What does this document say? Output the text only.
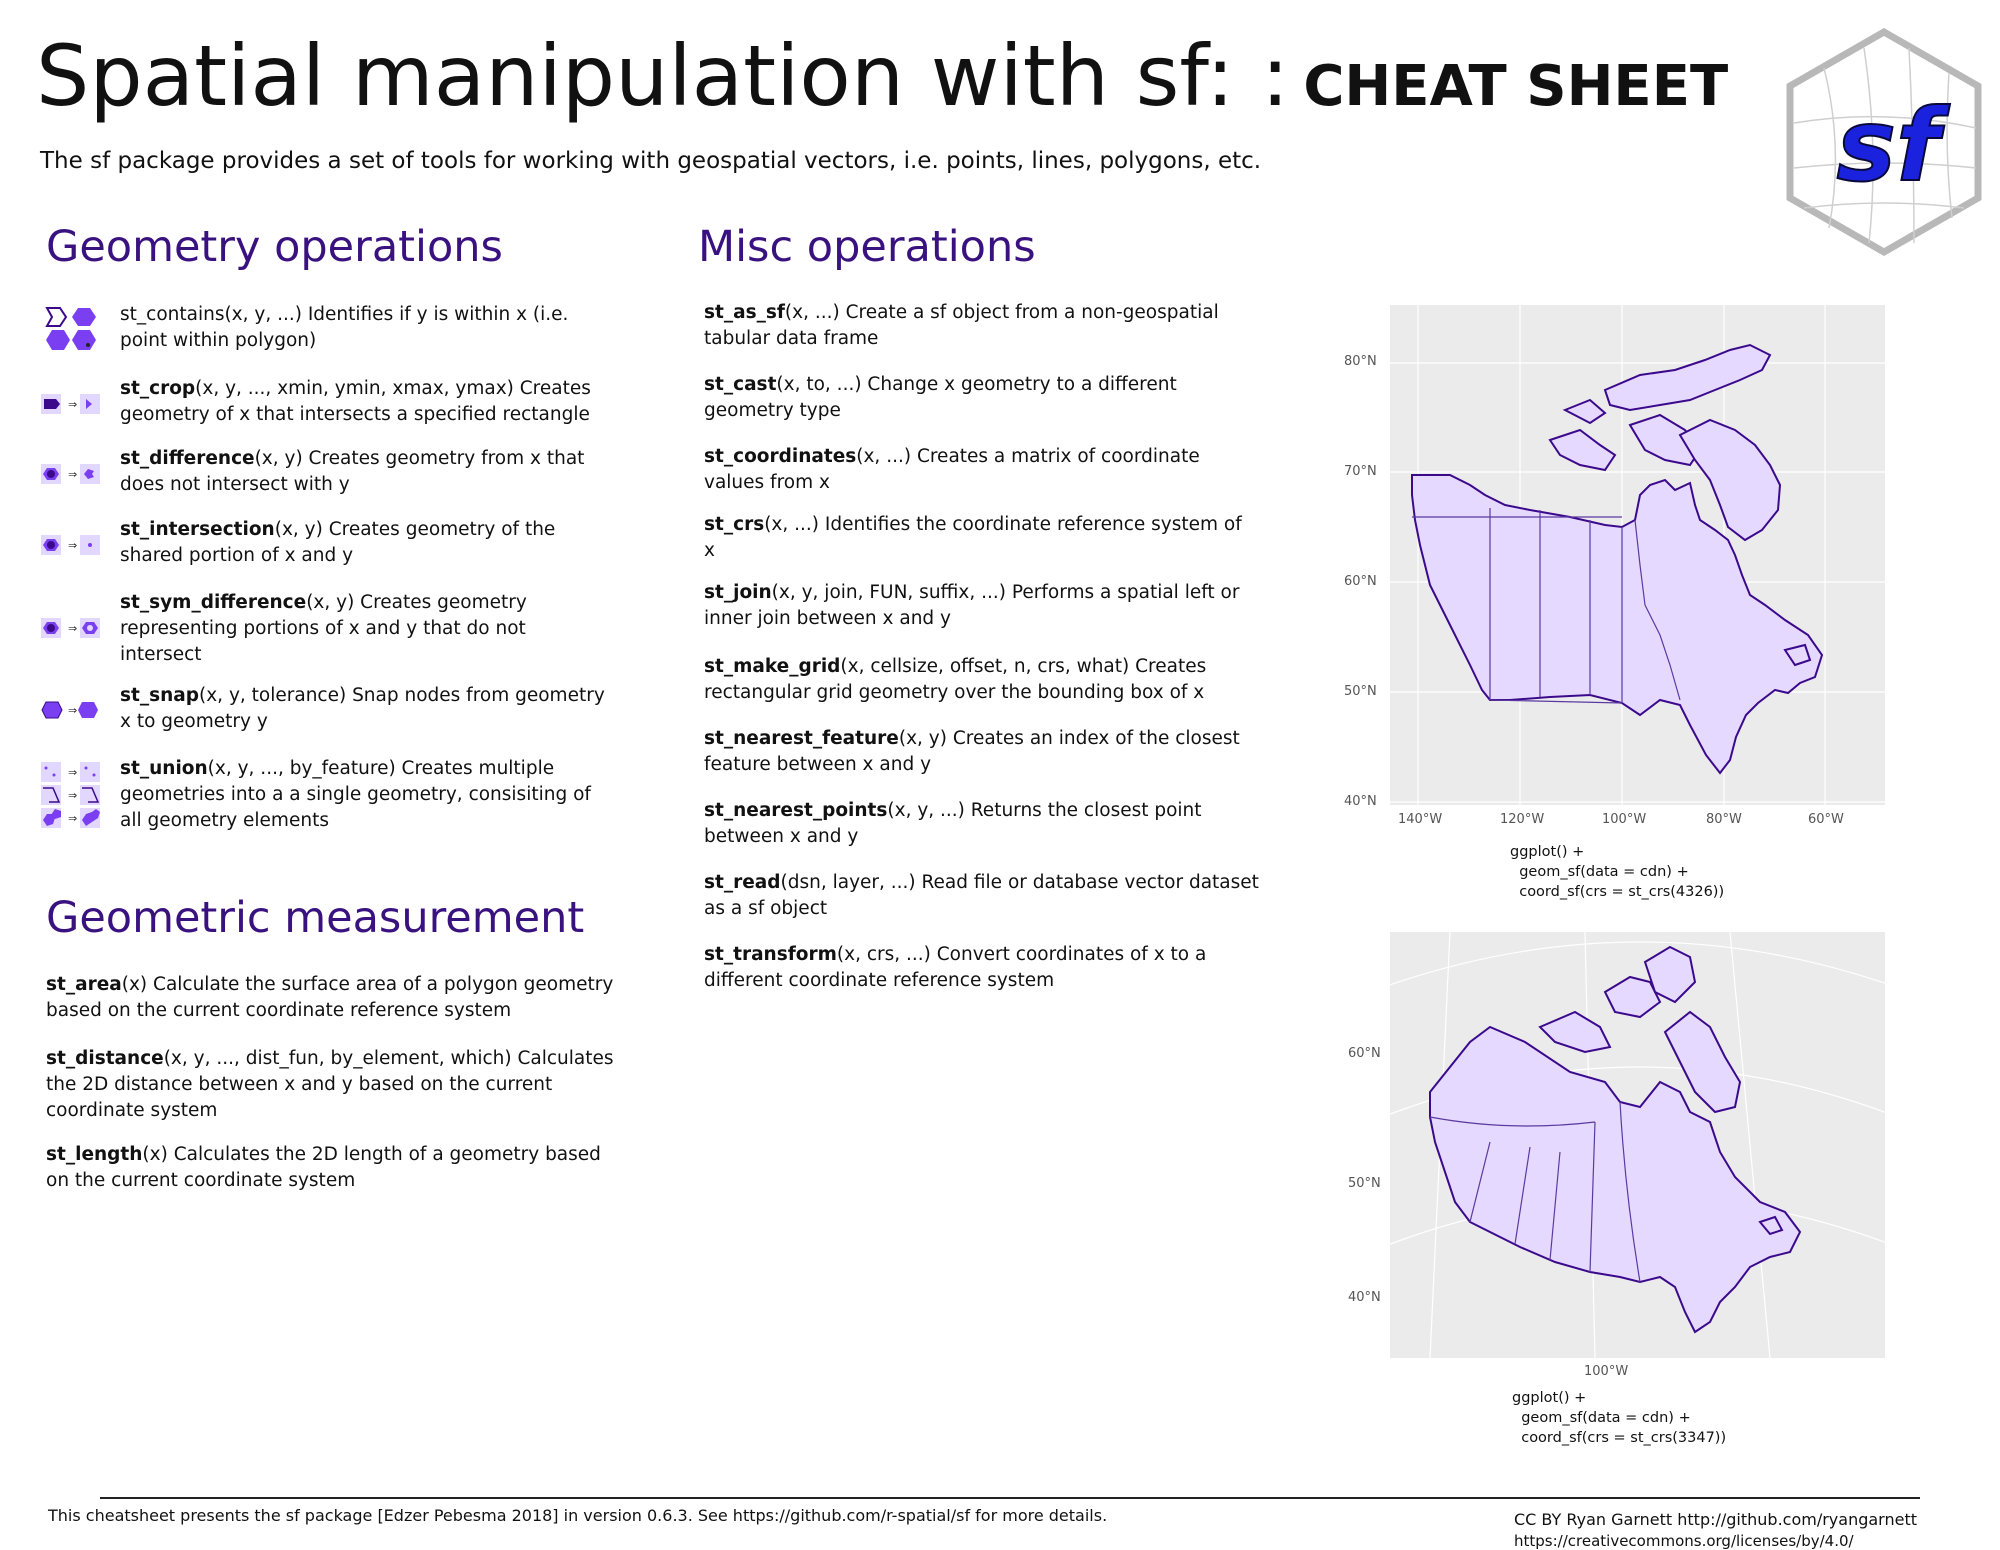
Spatial manipulation with sf: : CHEAT SHEET
The sf package provides a set of tools for working with geospatial vectors, i.e. points, lines, polygons, etc.	sf
Geometry operations
Geometric measurement
Misc operations
⇒
⇒
⇒
⇒
⇒
⇒
⇒
⇒
st_contains(x, y, ...) Identifies if y is within x (i.e. point within polygon)
st_crop(x, y, ..., xmin, ymin, xmax, ymax) Creates geometry of x that intersects a specified rectangle
st_difference(x, y) Creates geometry from x that does not intersect with y
st_intersection(x, y) Creates geometry of the shared portion of x and y
st_sym_difference(x, y) Creates geometry representing portions of x and y that do not intersect
st_snap(x, y, tolerance) Snap nodes from geometry x to geometry y
st_union(x, y, ..., by_feature) Creates multiple geometries into a a single geometry, consisiting of all geometry elements
st_area(x) Calculate the surface area of a polygon geometry based on the current coordinate reference system
st_distance(x, y, ..., dist_fun, by_element, which) Calculates the 2D distance between x and y based on the current coordinate system
st_length(x) Calculates the 2D length of a geometry based on the current coordinate system
st_as_sf(x, ...) Create a sf object from a non-geospatial tabular data frame
st_cast(x, to, ...) Change x geometry to a different geometry type
st_coordinates(x, ...) Creates a matrix of coordinate values from x
st_crs(x, ...) Identifies the coordinate reference system of x
st_join(x, y, join, FUN, suffix, ...) Performs a spatial left or inner join between x and y
st_make_grid(x, cellsize, offset, n, crs, what) Creates rectangular grid geometry over the bounding box of x
st_nearest_feature(x, y) Creates an index of the closest feature between x and y
st_nearest_points(x, y, ...) Returns the closest point between x and y
st_read(dsn, layer, ...) Read file or database vector dataset as a sf object
st_transform(x, crs, ...) Convert coordinates of x to a different coordinate reference system
80°N
70°N
60°N
50°N
40°N
140°W	120°W	100°W	80°W	60°W
ggplot() +
geom_sf(data = cdn) +
coord_sf(crs = st_crs(4326))
60°N
50°N
40°N
100°W
ggplot() +
geom_sf(data = cdn) +
coord_sf(crs = st_crs(3347))
This cheatsheet presents the sf package [Edzer Pebesma 2018] in version 0.6.3. See https://github.com/r-spatial/sf for more details.	CC BY Ryan Garnett http://github.com/ryangarnett
https://creativecommons.org/licenses/by/4.0/
